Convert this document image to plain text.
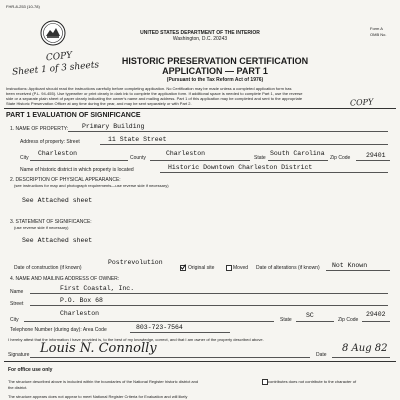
FHR-8-253 (10-78)
UNITED STATES DEPARTMENT OF THE INTERIOR
Washington, D.C. 20243
Form A
OMB No.
COPY
Sheet 1 of 3 sheets
COPY
HISTORIC PRESERVATION CERTIFICATION
APPLICATION — PART 1
(Pursuant to the Tax Reform Act of 1976)
Instructions: Applicant should read the instructions carefully before completing application. No Certification may be made unless a completed application form has
been received (P.L. 94-455). Use typewriter or print clearly in dark ink to complete the application form. If additional space is needed to complete Part 1, use the reverse
side or a separate plain sheet of paper clearly indicating the owner's name and mailing address. Part 1 of this application may be completed and sent to the appropriate
State Historic Preservation Officer at any time during the year, and may be sent separately or with Part 2.
PART 1 EVALUATION OF SIGNIFICANCE
1. NAME OF PROPERTY: Primary Building
Address of property: Street	11 State Street
City
Charleston
County
Charleston
State
South Carolina
Zip Code 29401
Name of historic district in which property is located	Historic Downtown Charleston District
2. DESCRIPTION OF PHYSICAL APPEARANCE:
(see instructions for map and photograph requirements—use reverse side if necessary)
See Attached sheet
3. STATEMENT OF SIGNIFICANCE:
(use reverse side if necessary)
See Attached sheet
Date of construction (if known)
Postrevolution
Original site	Moved Date of alterations (if known) Not Known
4. NAME AND MAILING ADDRESS OF OWNER:
Name	First Coastal, Inc.
Street	P.O. Box 68
City
Charleston
State
SC
Zip Code
29402
Telephone Number (during day): Area Code	803-723-7564
I hereby attest that the information I have provided is, to the best of my knowledge, correct, and that I am owner of the property described above.
Signature Louis N. Connolly	Date
8 Aug 82
For office use only
The structure described above is included within the boundaries of the National Register historic district and	contributes does not contribute to the character of
the district.
The structure appears does not appear to meet National Register Criteria for Evaluation and will likely
